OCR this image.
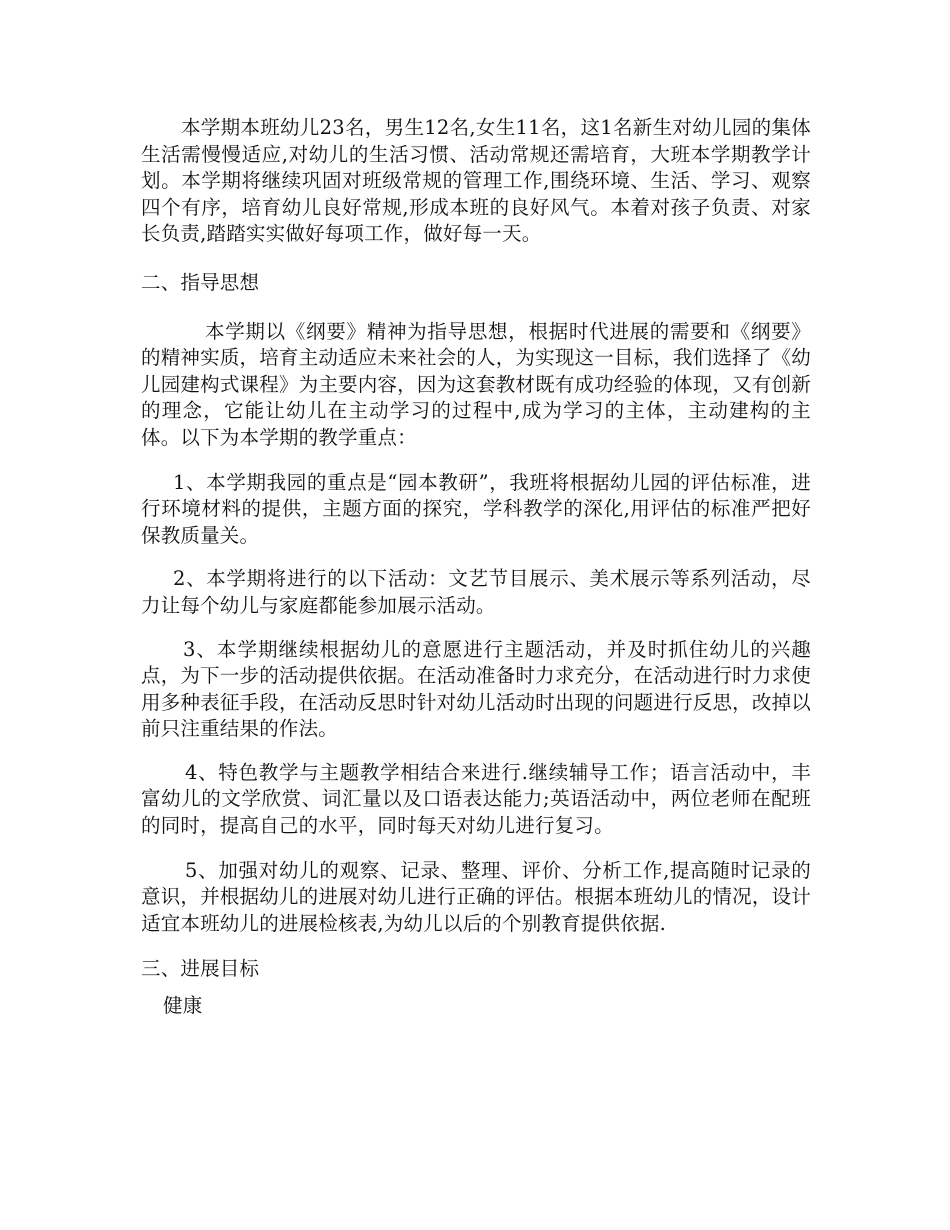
本学期本班幼儿23名，男生12名,女生11名，这1名新生对幼儿园的集体生活需慢慢适应,对幼儿的生活习惯、活动常规还需培育，大班本学期教学计划。本学期将继续巩固对班级常规的管理工作,围绕环境、生活、学习、观察四个有序，培育幼儿良好常规,形成本班的良好风气。本着对孩子负责、对家长负责,踏踏实实做好每项工作，做好每一天。

二、指导思想

本学期以《纲要》精神为指导思想，根据时代进展的需要和《纲要》的精神实质，培育主动适应未来社会的人，为实现这一目标，我们选择了《幼儿园建构式课程》为主要内容，因为这套教材既有成功经验的体现，又有创新的理念，它能让幼儿在主动学习的过程中,成为学习的主体，主动建构的主体。以下为本学期的教学重点：

1、本学期我园的重点是“园本教研”，我班将根据幼儿园的评估标准，进行环境材料的提供，主题方面的探究，学科教学的深化,用评估的标准严把好保教质量关。

2、本学期将进行的以下活动：文艺节目展示、美术展示等系列活动，尽力让每个幼儿与家庭都能参加展示活动。

3、本学期继续根据幼儿的意愿进行主题活动，并及时抓住幼儿的兴趣点，为下一步的活动提供依据。在活动准备时力求充分，在活动进行时力求使用多种表征手段，在活动反思时针对幼儿活动时出现的问题进行反思，改掉以前只注重结果的作法。

4、特色教学与主题教学相结合来进行.继续辅导工作；语言活动中，丰富幼儿的文学欣赏、词汇量以及口语表达能力;英语活动中，两位老师在配班的同时，提高自己的水平，同时每天对幼儿进行复习。

5、加强对幼儿的观察、记录、整理、评价、分析工作,提高随时记录的意识，并根据幼儿的进展对幼儿进行正确的评估。根据本班幼儿的情况，设计适宜本班幼儿的进展检核表,为幼儿以后的个别教育提供依据.

三、进展目标

健康
